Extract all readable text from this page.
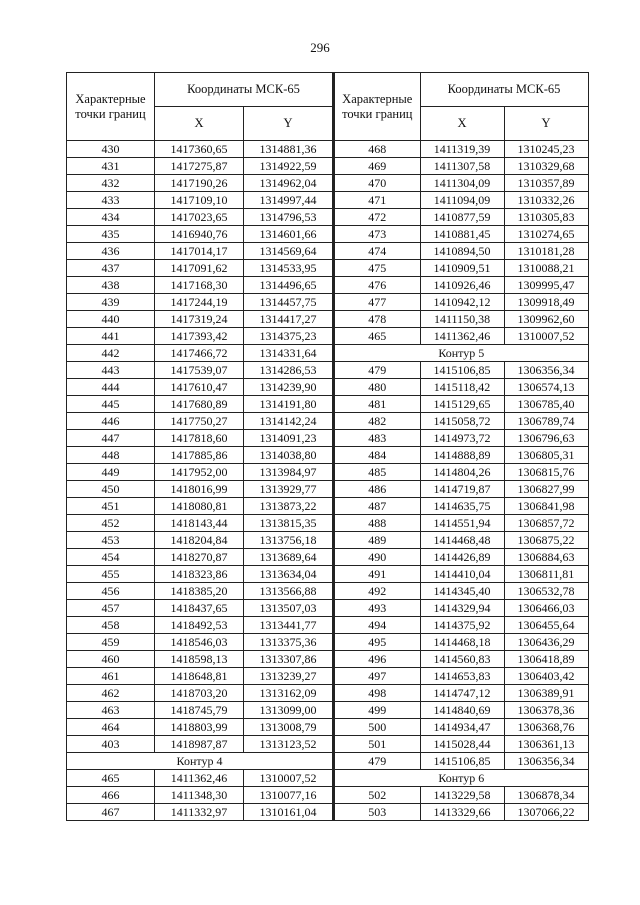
296
Характерные точки границ	Координаты МСК-65	
	X	Y
430	1417360,65	1314881,36
431	1417275,87	1314922,59
432	1417190,26	1314962,04
433	1417109,10	1314997,44
434	1417023,65	1314796,53
435	1416940,76	1314601,66
436	1417014,17	1314569,64
437	1417091,62	1314533,95
438	1417168,30	1314496,65
439	1417244,19	1314457,75
440	1417319,24	1314417,27
441	1417393,42	1314375,23
442	1417466,72	1314331,64
443	1417539,07	1314286,53
444	1417610,47	1314239,90
445	1417680,89	1314191,80
446	1417750,27	1314142,24
447	1417818,60	1314091,23
448	1417885,86	1314038,80
449	1417952,00	1313984,97
450	1418016,99	1313929,77
451	1418080,81	1313873,22
452	1418143,44	1313815,35
453	1418204,84	1313756,18
454	1418270,87	1313689,64
455	1418323,86	1313634,04
456	1418385,20	1313566,88
457	1418437,65	1313507,03
458	1418492,53	1313441,77
459	1418546,03	1313375,36
460	1418598,13	1313307,86
461	1418648,81	1313239,27
462	1418703,20	1313162,09
463	1418745,79	1313099,00
464	1418803,99	1313008,79
403	1418987,87	1313123,52
Контур 4		
465	1411362,46	1310007,52
466	1411348,30	1310077,16
467	1411332,97	1310161,04
Характерные точки границ	Координаты МСК-65	
	X	Y
468	1411319,39	1310245,23
469	1411307,58	1310329,68
470	1411304,09	1310357,89
471	1411094,09	1310332,26
472	1410877,59	1310305,83
473	1410881,45	1310274,65
474	1410894,50	1310181,28
475	1410909,51	1310088,21
476	1410926,46	1309995,47
477	1410942,12	1309918,49
478	1411150,38	1309962,60
465	1411362,46	1310007,52
Контур 5		
479	1415106,85	1306356,34
480	1415118,42	1306574,13
481	1415129,65	1306785,40
482	1415058,72	1306789,74
483	1414973,72	1306796,63
484	1414888,89	1306805,31
485	1414804,26	1306815,76
486	1414719,87	1306827,99
487	1414635,75	1306841,98
488	1414551,94	1306857,72
489	1414468,48	1306875,22
490	1414426,89	1306884,63
491	1414410,04	1306811,81
492	1414345,40	1306532,78
493	1414329,94	1306466,03
494	1414375,92	1306455,64
495	1414468,18	1306436,29
496	1414560,83	1306418,89
497	1414653,83	1306403,42
498	1414747,12	1306389,91
499	1414840,69	1306378,36
500	1414934,47	1306368,76
501	1415028,44	1306361,13
479	1415106,85	1306356,34
Контур 6		
502	1413229,58	1306878,34
503	1413329,66	1307066,22
